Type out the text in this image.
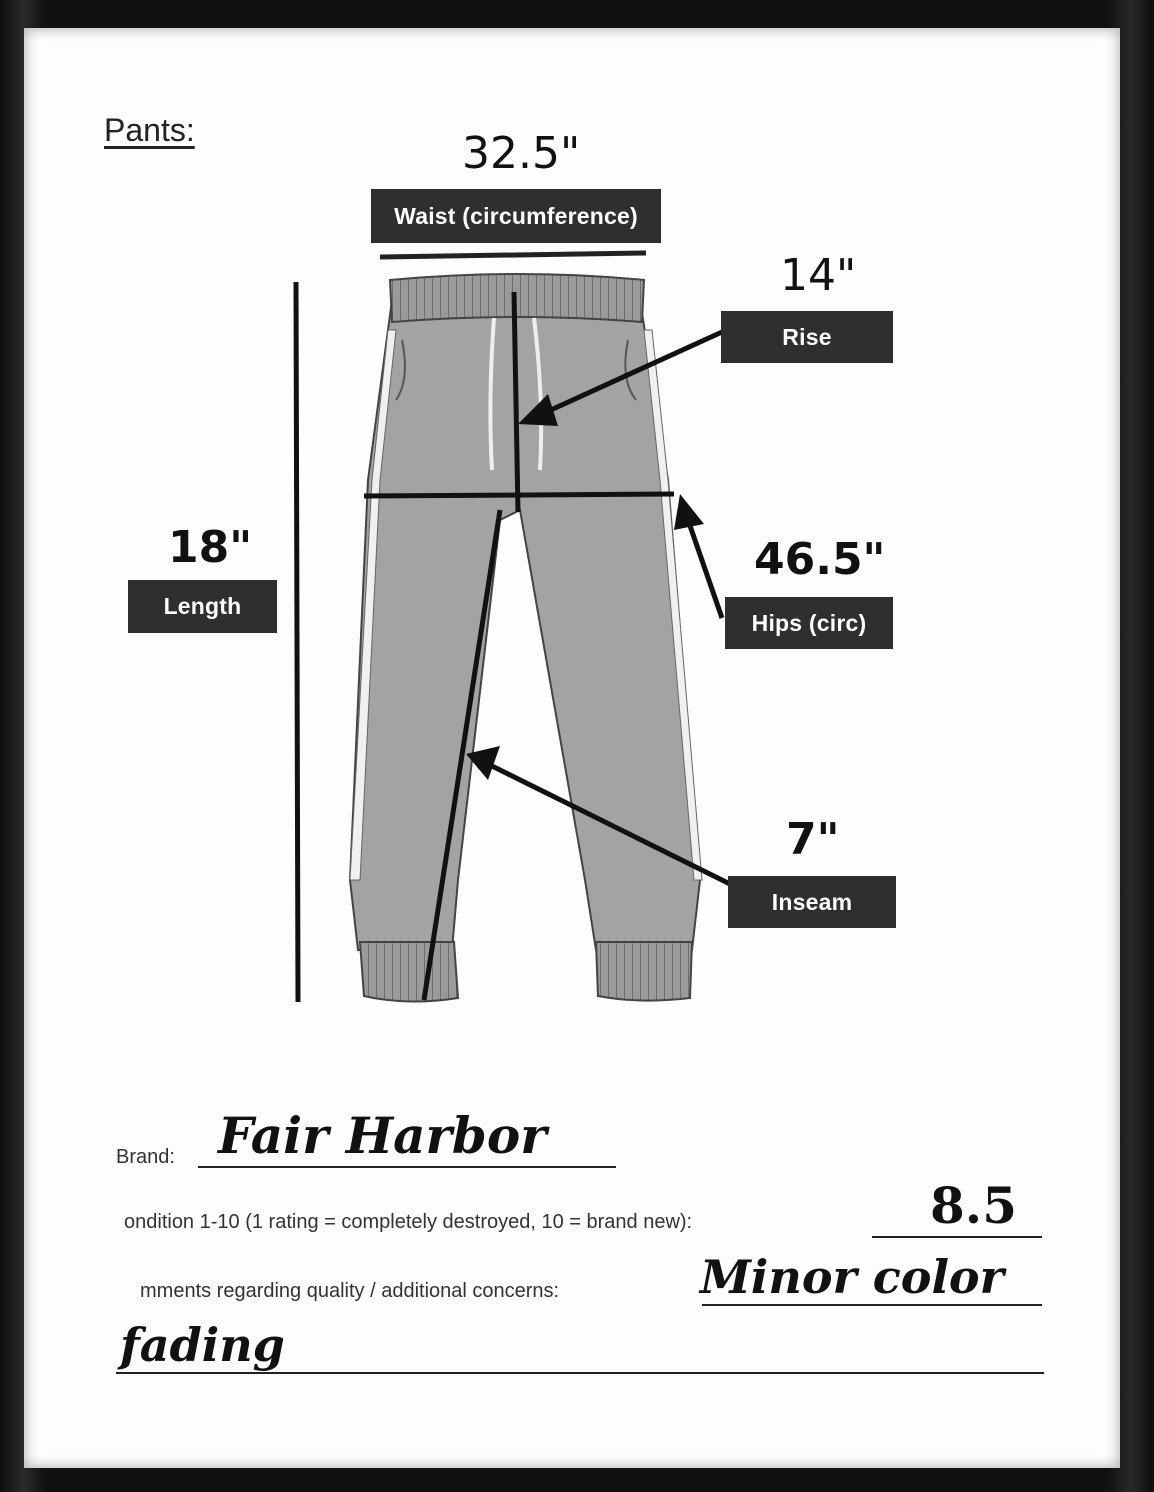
Pants:
Waist (circumference)
Rise
Length
Hips (circ)
Inseam
32.5"
14"
18"	46.5"
7"
Brand: Fair Harbor
ondition 1-10 (1 rating = completely destroyed, 10 = brand new):	8.5
mments regarding quality / additional concerns:	Minor color
fading
